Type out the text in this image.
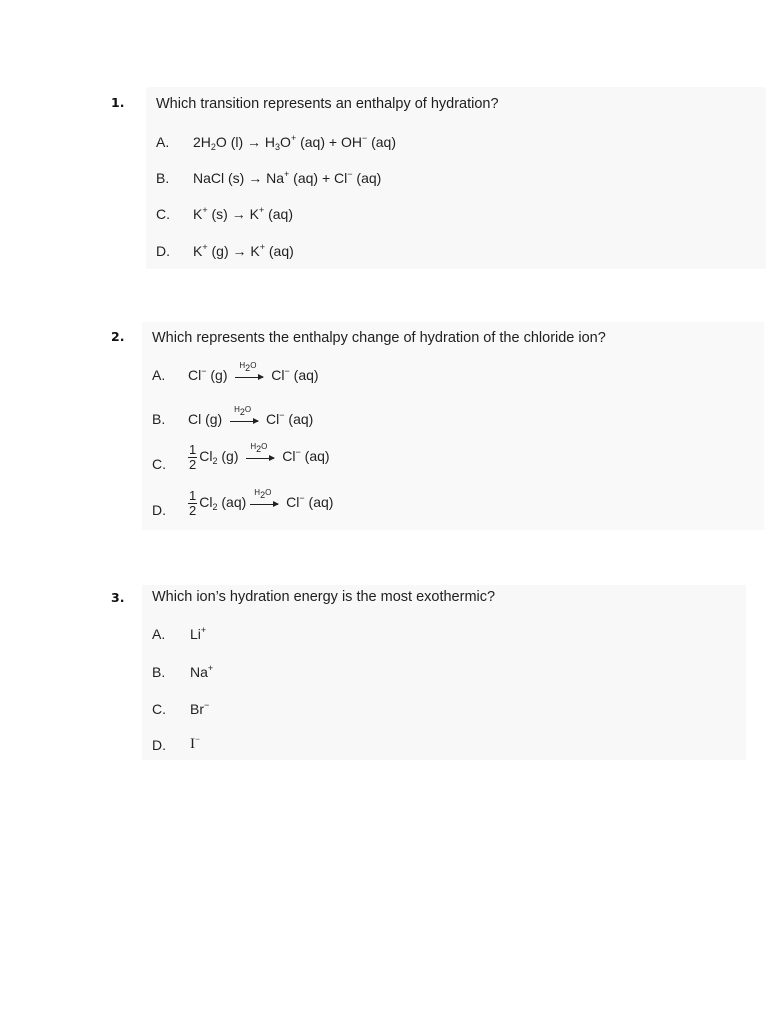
1. Which transition represents an enthalpy of hydration?
A. $2H_2O$ $(l) \to H_3O^+$ (aq) + OH− (aq)
B. NaCl (s) → Na+ (aq) + Cl− (aq)
C. K+ (s) → K+ (aq)
D. K+ (g) → K+ (aq)
2. Which represents the enthalpy change of hydration of the chloride ion?
A. Cl− (g)
$H_2O$
Cl− (aq)
B. Cl (g)
$H_2O$
Cl− (aq)
C. $\frac{1}{2} Cl_2$ (g)
$H_2O$
Cl− (aq)
D. $\frac{1}{2} Cl_2$ (aq)
$H_2O$
Cl− (aq)
3. Which ion’s hydration energy is the most exothermic?
A. Li+
B. Na+
C. Br−
D. I−
